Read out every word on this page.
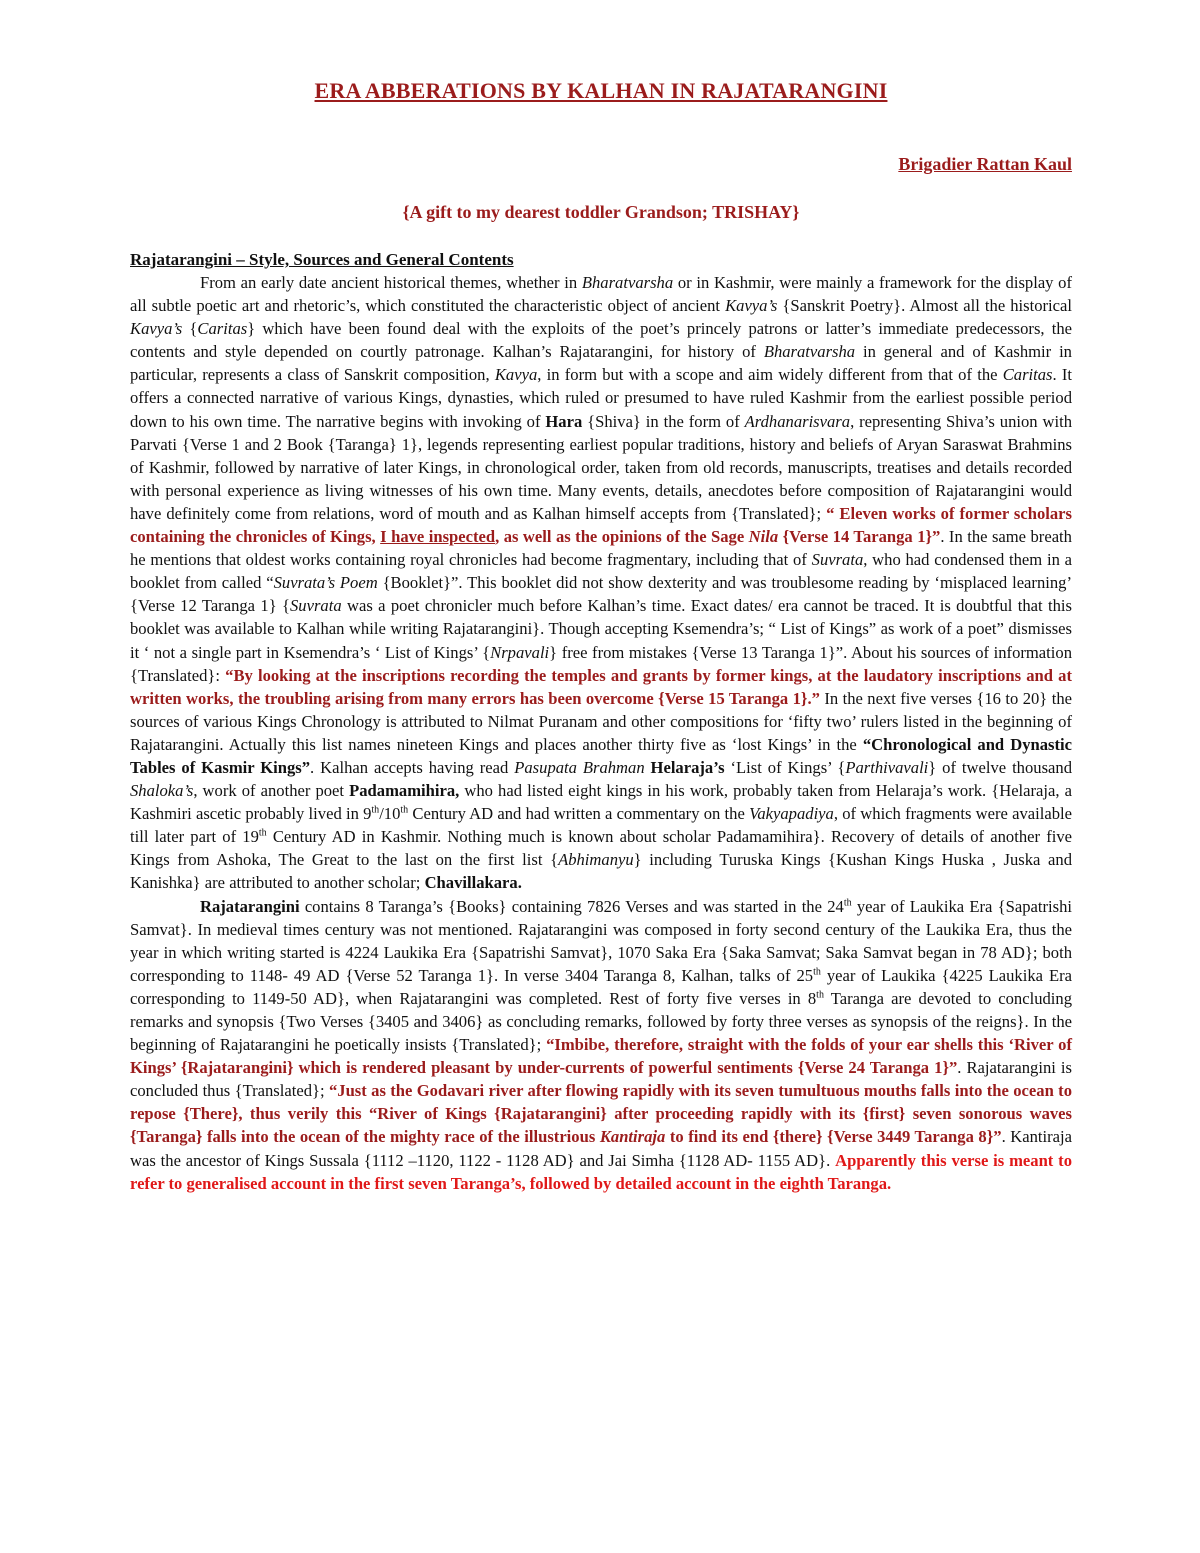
ERA ABBERATIONS BY KALHAN IN RAJATARANGINI

Brigadier Rattan Kaul

{A gift to my dearest toddler Grandson; TRISHAY}

Rajatarangini – Style, Sources and General Contents

From an early date ancient historical themes, whether in Bharatvarsha or in Kashmir, were mainly a framework for the display of all subtle poetic art and rhetoric’s, which constituted the characteristic object of ancient Kavya’s {Sanskrit Poetry}. Almost all the historical Kavya’s {Caritas} which have been found deal with the exploits of the poet’s princely patrons or latter’s immediate predecessors, the contents and style depended on courtly patronage. Kalhan’s Rajatarangini, for history of Bharatvarsha in general and of Kashmir in particular, represents a class of Sanskrit composition, Kavya, in form but with a scope and aim widely different from that of the Caritas. It offers a connected narrative of various Kings, dynasties, which ruled or presumed to have ruled Kashmir from the earliest possible period down to his own time. The narrative begins with invoking of Hara {Shiva} in the form of Ardhanarisvara, representing Shiva’s union with Parvati {Verse 1 and 2 Book {Taranga} 1}, legends representing earliest popular traditions, history and beliefs of Aryan Saraswat Brahmins of Kashmir, followed by narrative of later Kings, in chronological order, taken from old records, manuscripts, treatises and details recorded with personal experience as living witnesses of his own time. Many events, details, anecdotes before composition of Rajatarangini would have definitely come from relations, word of mouth and as Kalhan himself accepts from {Translated}; “ Eleven works of former scholars containing the chronicles of Kings, I have inspected, as well as the opinions of the Sage Nila {Verse 14 Taranga 1}”. In the same breath he mentions that oldest works containing royal chronicles had become fragmentary, including that of Suvrata, who had condensed them in a booklet from called “Suvrata’s Poem {Booklet}”. This booklet did not show dexterity and was troublesome reading by ‘misplaced learning’ {Verse 12 Taranga 1} {Suvrata was a poet chronicler much before Kalhan’s time. Exact dates/ era cannot be traced. It is doubtful that this booklet was available to Kalhan while writing Rajatarangini}. Though accepting Ksemendra’s; “ List of Kings” as work of a poet” dismisses it ‘ not a single part in Ksemendra’s ‘ List of Kings’ {Nrpavali} free from mistakes {Verse 13 Taranga 1}”. About his sources of information {Translated}: “By looking at the inscriptions recording the temples and grants by former kings, at the laudatory inscriptions and at written works, the troubling arising from many errors has been overcome {Verse 15 Taranga 1}.” In the next five verses {16 to 20} the sources of various Kings Chronology is attributed to Nilmat Puranam and other compositions for ‘fifty two’ rulers listed in the beginning of Rajatarangini. Actually this list names nineteen Kings and places another thirty five as ‘lost Kings’ in the “Chronological and Dynastic Tables of Kasmir Kings”. Kalhan accepts having read Pasupata Brahman Helaraja’s ‘List of Kings’ {Parthivavali} of twelve thousand Shaloka’s, work of another poet Padamamihira, who had listed eight kings in his work, probably taken from Helaraja’s work. {Helaraja, a Kashmiri ascetic probably lived in 9th/10th Century AD and had written a commentary on the Vakyapadiya, of which fragments were available till later part of 19th Century AD in Kashmir. Nothing much is known about scholar Padamamihira}. Recovery of details of another five Kings from Ashoka, The Great to the last on the first list {Abhimanyu} including Turuska Kings {Kushan Kings Huska , Juska and Kanishka} are attributed to another scholar; Chavillakara.

Rajatarangini contains 8 Taranga’s {Books} containing 7826 Verses and was started in the 24th year of Laukika Era {Sapatrishi Samvat}. In medieval times century was not mentioned. Rajatarangini was composed in forty second century of the Laukika Era, thus the year in which writing started is 4224 Laukika Era {Sapatrishi Samvat}, 1070 Saka Era {Saka Samvat; Saka Samvat began in 78 AD}; both corresponding to 1148- 49 AD {Verse 52 Taranga 1}. In verse 3404 Taranga 8, Kalhan, talks of 25th year of Laukika {4225 Laukika Era corresponding to 1149-50 AD}, when Rajatarangini was completed. Rest of forty five verses in 8th Taranga are devoted to concluding remarks and synopsis {Two Verses {3405 and 3406} as concluding remarks, followed by forty three verses as synopsis of the reigns}. In the beginning of Rajatarangini he poetically insists {Translated}; “Imbibe, therefore, straight with the folds of your ear shells this ‘River of Kings’ {Rajatarangini} which is rendered pleasant by under-currents of powerful sentiments {Verse 24 Taranga 1}”. Rajatarangini is concluded thus {Translated}; “Just as the Godavari river after flowing rapidly with its seven tumultuous mouths falls into the ocean to repose {There}, thus verily this “River of Kings {Rajatarangini} after proceeding rapidly with its {first} seven sonorous waves {Taranga} falls into the ocean of the mighty race of the illustrious Kantiraja to find its end {there} {Verse 3449 Taranga 8}”. Kantiraja was the ancestor of Kings Sussala {1112 –1120, 1122 - 1128 AD} and Jai Simha {1128 AD- 1155 AD}. Apparently this verse is meant to refer to generalised account in the first seven Taranga’s, followed by detailed account in the eighth Taranga.
